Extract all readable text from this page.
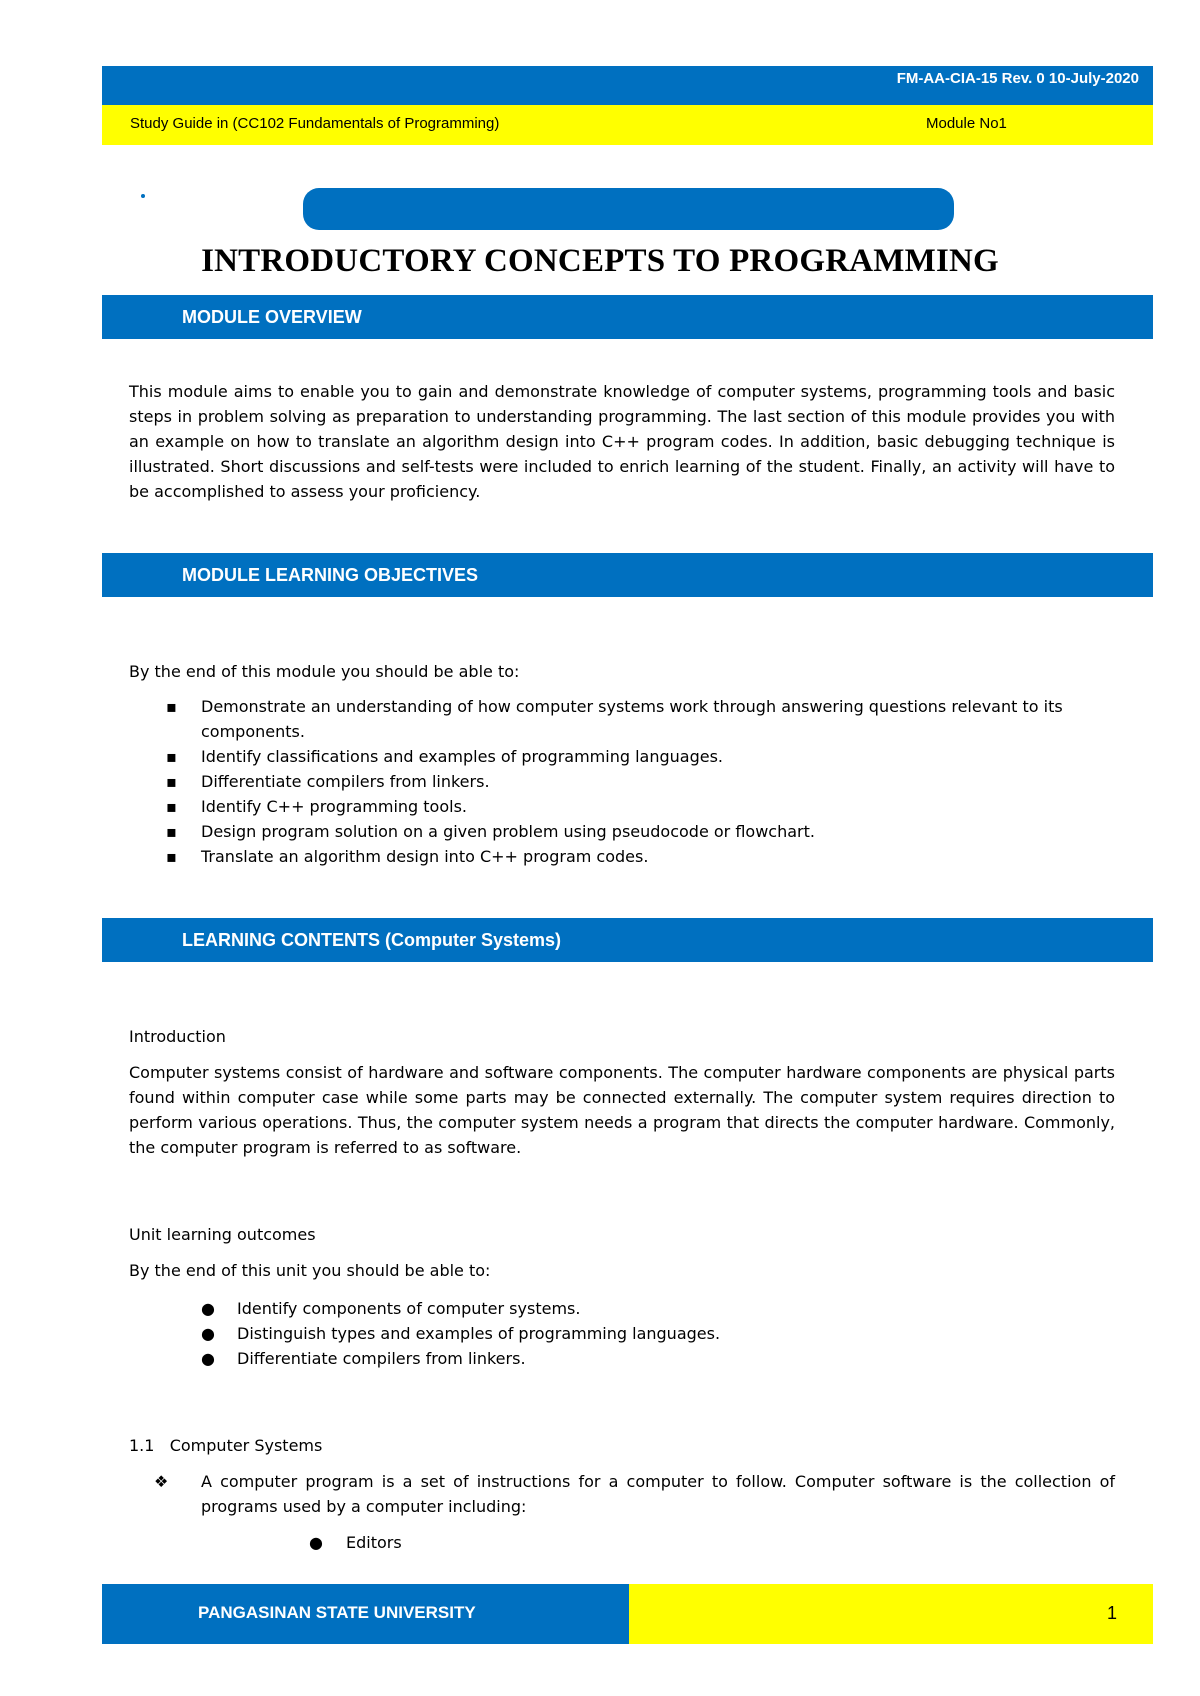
FM-AA-CIA-15 Rev. 0 10-July-2020
Study Guide in (CC102 Fundamentals of Programming)	Module No1
INTRODUCTORY CONCEPTS TO PROGRAMMING
MODULE OVERVIEW
This module aims to enable you to gain and demonstrate knowledge of computer systems, programming tools and basic steps in problem solving as preparation to understanding programming. The last section of this module provides you with an example on how to translate an algorithm design into C++ program codes. In addition, basic debugging technique is illustrated. Short discussions and self-tests were included to enrich learning of the student. Finally, an activity will have to be accomplished to assess your proficiency.
MODULE LEARNING OBJECTIVES
By the end of this module you should be able to:
▪ Demonstrate an understanding of how computer systems work through answering questions relevant to its components.
▪ Identify classifications and examples of programming languages.
▪ Differentiate compilers from linkers.
▪ Identify C++ programming tools.
▪ Design program solution on a given problem using pseudocode or flowchart.
▪ Translate an algorithm design into C++ program codes.
LEARNING CONTENTS (Computer Systems)
Introduction
Computer systems consist of hardware and software components. The computer hardware components are physical parts found within computer case while some parts may be connected externally. The computer system requires direction to perform various operations. Thus, the computer system needs a program that directs the computer hardware. Commonly, the computer program is referred to as software.
Unit learning outcomes
By the end of this unit you should be able to:
● Identify components of computer systems.
● Distinguish types and examples of programming languages.
● Differentiate compilers from linkers.
1.1 Computer Systems
❖ A computer program is a set of instructions for a computer to follow. Computer software is the collection of programs used by a computer including:
● Editors
PANGASINAN STATE UNIVERSITY	1
